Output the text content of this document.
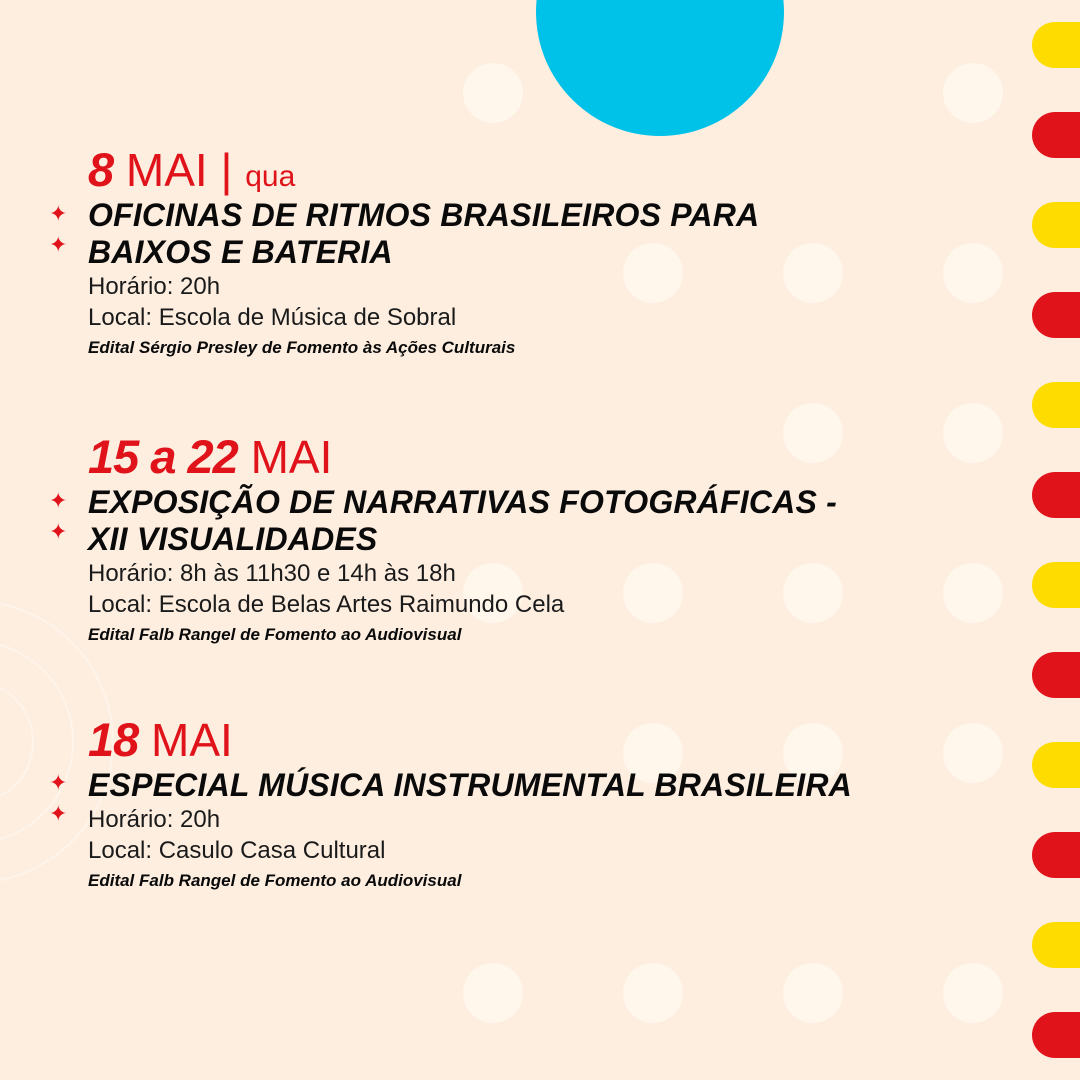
✦
✦
8 MAI | qua
OFICINAS DE RITMOS BRASILEIROS PARA
BAIXOS E BATERIA
Horário: 20h
Local: Escola de Música de Sobral
Edital Sérgio Presley de Fomento às Ações Culturais
✦
✦
15 a 22 MAI
EXPOSIÇÃO DE NARRATIVAS FOTOGRÁFICAS -
XII VISUALIDADES
Horário: 8h às 11h30 e 14h às 18h
Local: Escola de Belas Artes Raimundo Cela
Edital Falb Rangel de Fomento ao Audiovisual
✦
✦
18 MAI
ESPECIAL MÚSICA INSTRUMENTAL BRASILEIRA
Horário: 20h
Local: Casulo Casa Cultural
Edital Falb Rangel de Fomento ao Audiovisual
